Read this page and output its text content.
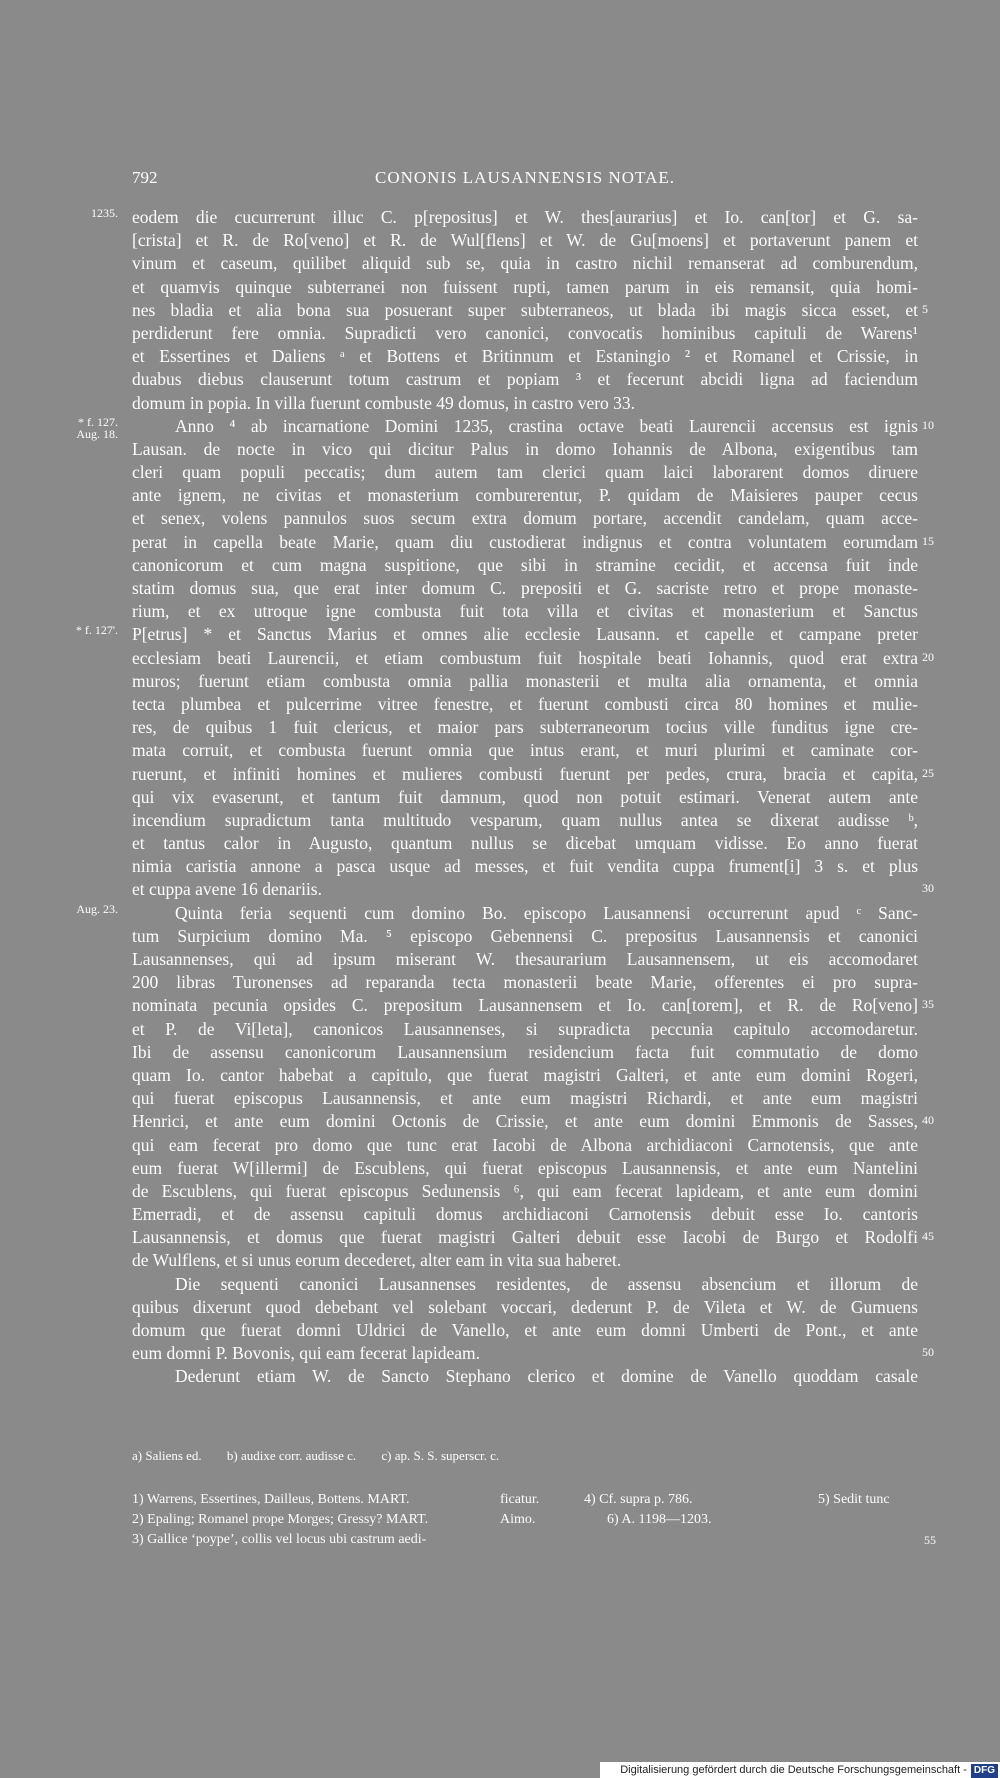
792	CONONIS LAUSANNENSIS NOTAE.
eodem die cucurrerunt illuc C. p[repositus] et W. thes[aurarius] et Io. can[tor] et G. sa-
1235.
[crista] et R. de Ro[veno] et R. de Wul[flens] et W. de Gu[moens] et portaverunt panem et
vinum et caseum, quilibet aliquid sub se, quia in castro nichil remanserat ad comburendum,
et quamvis quinque subterranei non fuissent rupti, tamen parum in eis remansit, quia homi-
nes bladia et alia bona sua posuerant super subterraneos, ut blada ibi magis sicca esset, et 5
perdiderunt fere omnia. Supradicti vero canonici, convocatis hominibus capituli de Warens¹
et Essertines et Daliens ᵃ et Bottens et Britinnum et Estaningio ² et Romanel et Crissie, in
duabus diebus clauserunt totum castrum et popiam ³ et fecerunt abcidi ligna ad faciendum
domum in popia. In villa fuerunt combuste 49 domus, in castro vero 33.
Anno ⁴ ab incarnatione Domini 1235, crastina octave beati Laurencii accensus est ignis
* f. 127.
Aug. 18.
10
Lausan. de nocte in vico qui dicitur Palus in domo Iohannis de Albona, exigentibus tam
cleri quam populi peccatis; dum autem tam clerici quam laici laborarent domos diruere
ante ignem, ne civitas et monasterium comburerentur, P. quidam de Maisieres pauper cecus
et senex, volens pannulos suos secum extra domum portare, accendit candelam, quam acce-
perat in capella beate Marie, quam diu custodierat indignus et contra voluntatem eorumdam 15
canonicorum et cum magna suspitione, que sibi in stramine cecidit, et accensa fuit inde
statim domus sua, que erat inter domum C. prepositi et G. sacriste retro et prope monaste-
rium, et ex utroque igne combusta fuit tota villa et civitas et monasterium et Sanctus
P[etrus] * et Sanctus Marius et omnes alie ecclesie Lausann. et capelle et campane preter
* f. 127'.
ecclesiam beati Laurencii, et etiam combustum fuit hospitale beati Iohannis, quod erat extra 20
muros; fuerunt etiam combusta omnia pallia monasterii et multa alia ornamenta, et omnia
tecta plumbea et pulcerrime vitree fenestre, et fuerunt combusti circa 80 homines et mulie-
res, de quibus 1 fuit clericus, et maior pars subterraneorum tocius ville funditus igne cre-
mata corruit, et combusta fuerunt omnia que intus erant, et muri plurimi et caminate cor-
ruerunt, et infiniti homines et mulieres combusti fuerunt per pedes, crura, bracia et capita, 25
qui vix evaserunt, et tantum fuit damnum, quod non potuit estimari. Venerat autem ante
incendium supradictum tanta multitudo vesparum, quam nullus antea se dixerat audisse ᵇ,
et tantus calor in Augusto, quantum nullus se dicebat umquam vidisse. Eo anno fuerat
nimia caristia annone a pasca usque ad messes, et fuit vendita cuppa frument[i] 3 s. et plus
et cuppa avene 16 denariis.	30
Quinta feria sequenti cum domino Bo. episcopo Lausannensi occurrerunt apud ᶜ Sanc-
Aug. 23.
tum Surpicium domino Ma. ⁵ episcopo Gebennensi C. prepositus Lausannensis et canonici
Lausannenses, qui ad ipsum miserant W. thesaurarium Lausannensem, ut eis accomodaret
200 libras Turonenses ad reparanda tecta monasterii beate Marie, offerentes ei pro supra-
nominata pecunia opsides C. prepositum Lausannensem et Io. can[torem], et R. de Ro[veno] 35
et P. de Vi[leta], canonicos Lausannenses, si supradicta peccunia capitulo accomodaretur.
Ibi de assensu canonicorum Lausannensium residencium facta fuit commutatio de domo
quam Io. cantor habebat a capitulo, que fuerat magistri Galteri, et ante eum domini Rogeri,
qui fuerat episcopus Lausannensis, et ante eum magistri Richardi, et ante eum magistri
Henrici, et ante eum domini Octonis de Crissie, et ante eum domini Emmonis de Sasses, 40
qui eam fecerat pro domo que tunc erat Iacobi de Albona archidiaconi Carnotensis, que ante
eum fuerat W[illermi] de Escublens, qui fuerat episcopus Lausannensis, et ante eum Nantelini
de Escublens, qui fuerat episcopus Sedunensis ⁶, qui eam fecerat lapideam, et ante eum domini
Emerradi, et de assensu capituli domus archidiaconi Carnotensis debuit esse Io. cantoris
Lausannensis, et domus que fuerat magistri Galteri debuit esse Iacobi de Burgo et Rodolfi 45
de Wulflens, et si unus eorum decederet, alter eam in vita sua haberet.
Die sequenti canonici Lausannenses residentes, de assensu absencium et illorum de
quibus dixerunt quod debebant vel solebant voccari, dederunt P. de Vileta et W. de Gumuens
domum que fuerat domni Uldrici de Vanello, et ante eum domni Umberti de Pont., et ante
eum domni P. Bovonis, qui eam fecerat lapideam.	50
Dederunt etiam W. de Sancto Stephano clerico et domine de Vanello quoddam casale
a) Saliens ed. b) audixe corr. audisse c. c) ap. S. S. superscr. c.
1) Warrens, Essertines, Dailleus, Bottens. MART.	ficatur.	4) Cf. supra p. 786.	5) Sedit tunc
2) Epaling; Romanel prope Morges; Gressy? MART.	Aimo.	6) A. 1198—1203.
3) Gallice ‘poype’, collis vel locus ubi castrum aedi-	55
Digitalisierung gefördert durch die Deutsche Forschungsgemeinschaft - DFG
